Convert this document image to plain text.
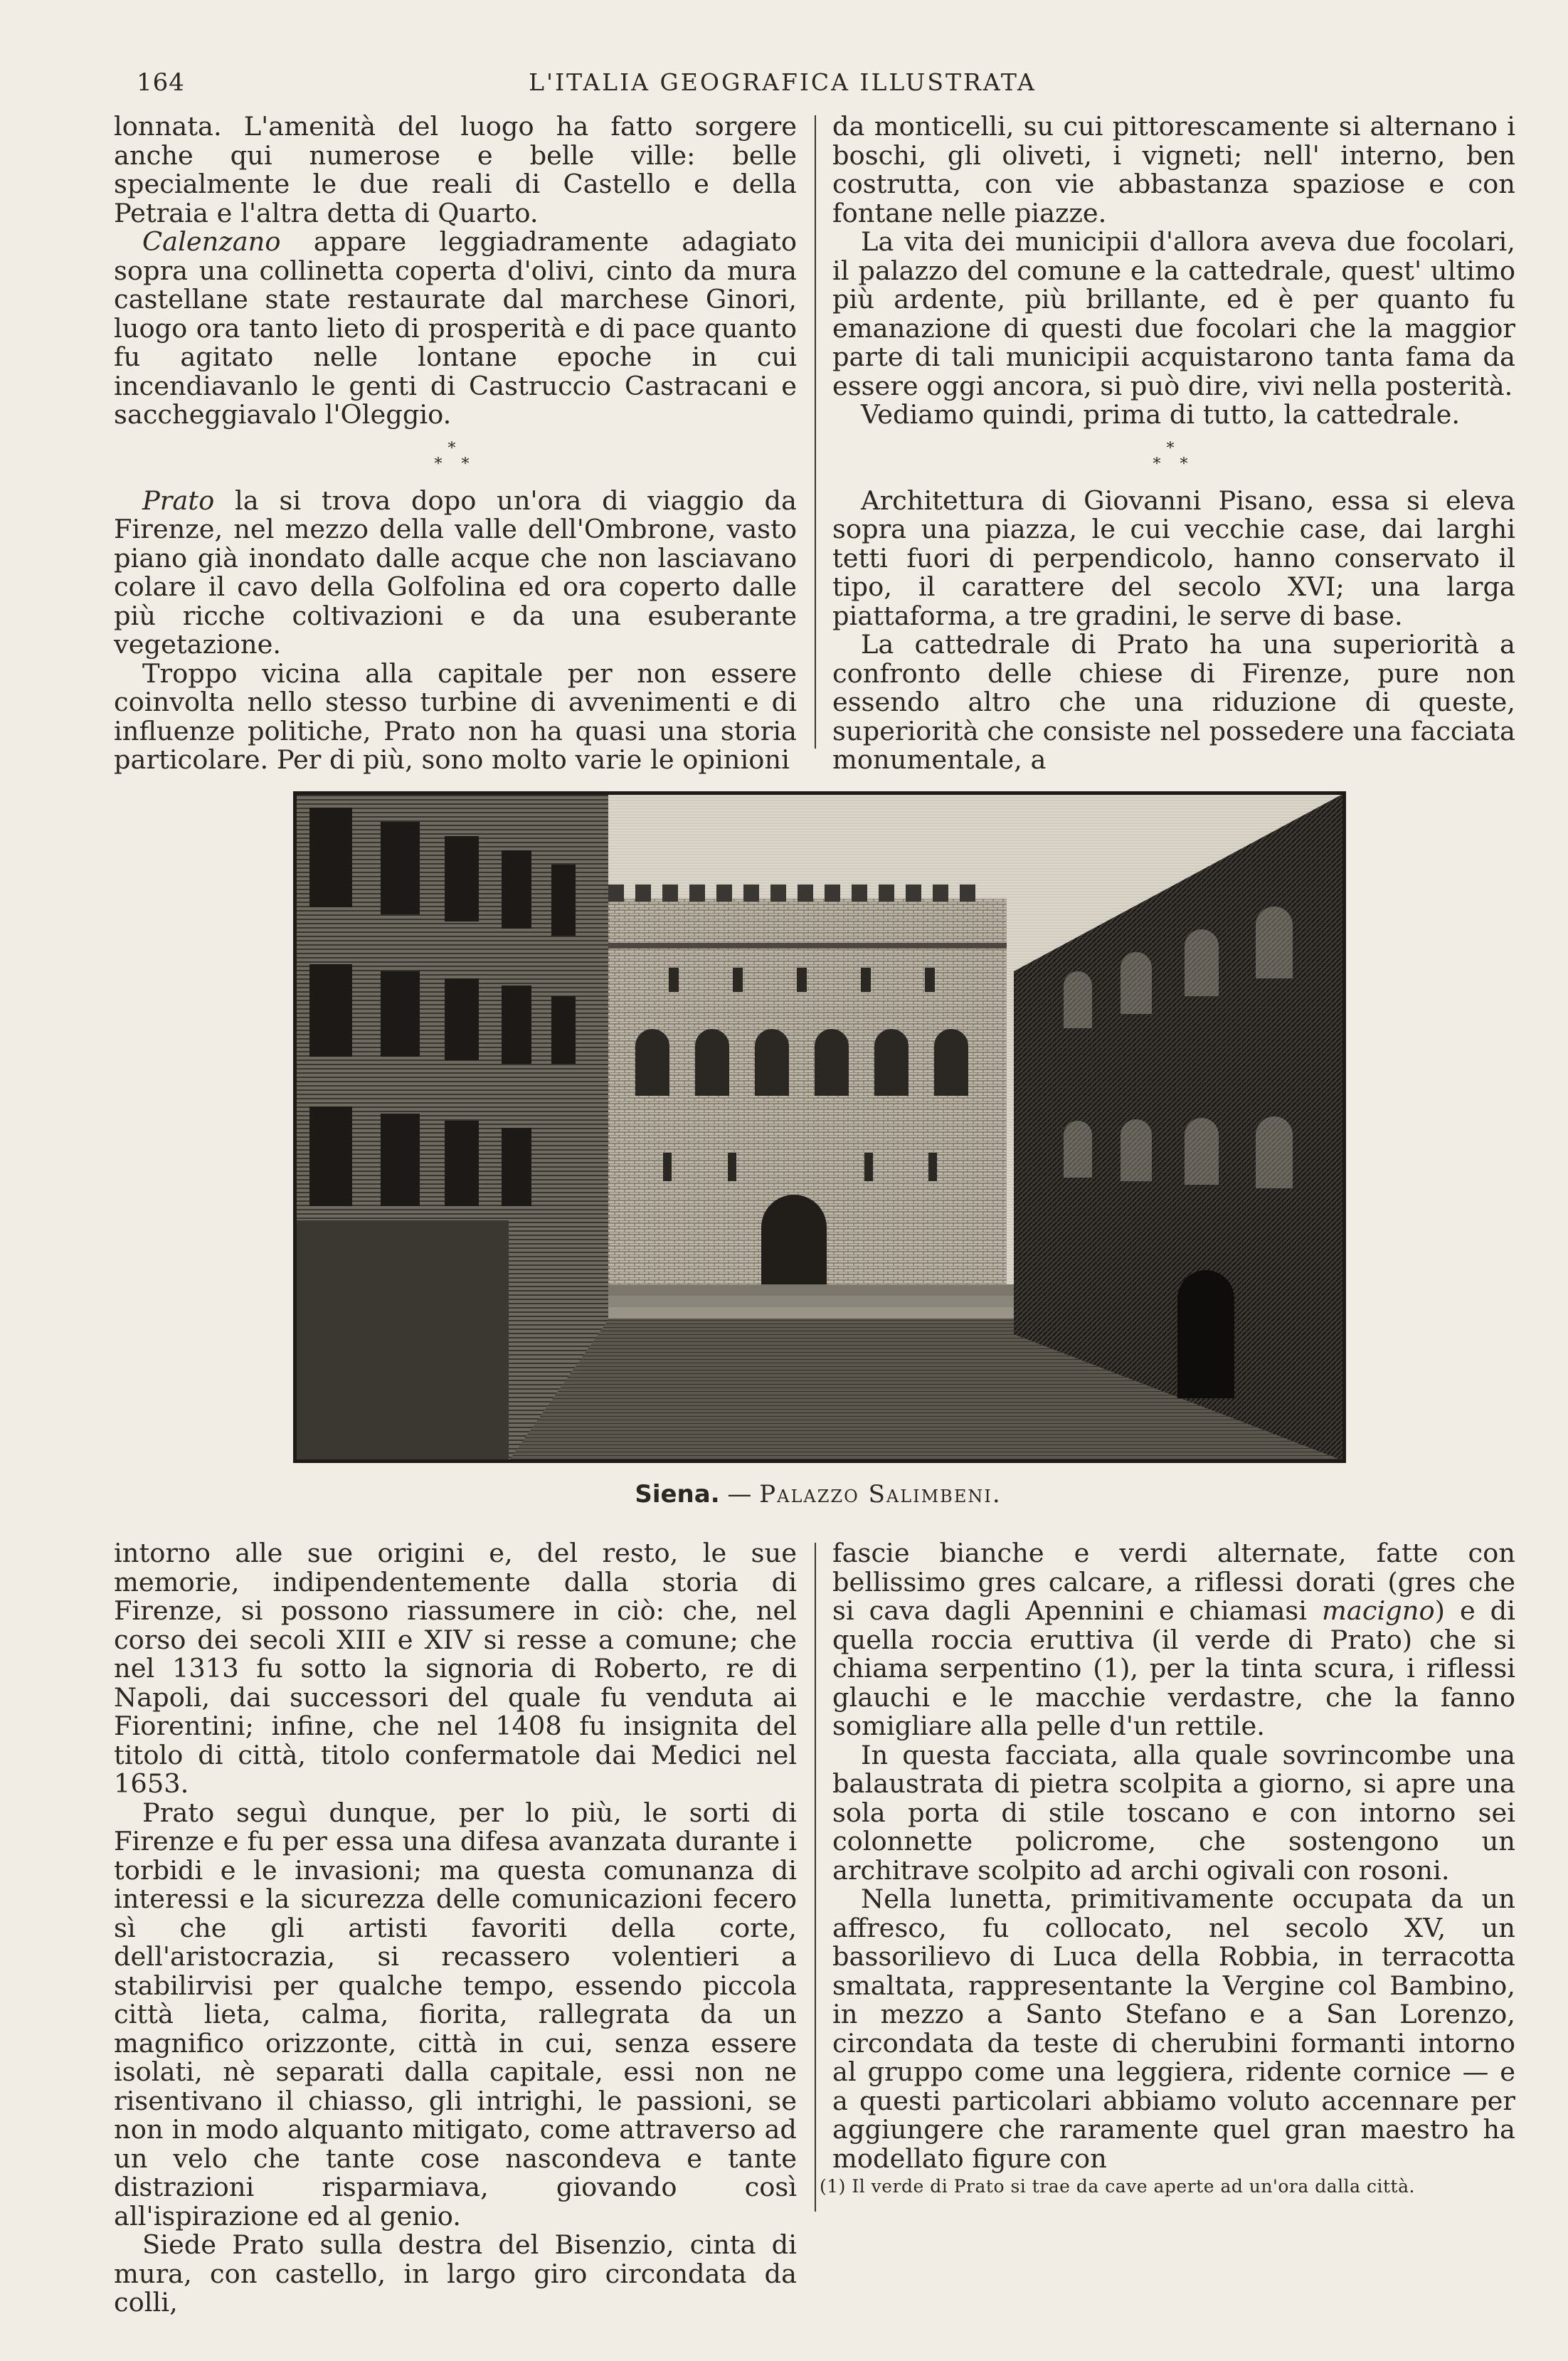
164	L'ITALIA GEOGRAFICA ILLUSTRATA

lonnata. L'amenità del luogo ha fatto sorgere anche qui numerose e belle ville: belle specialmente le due reali di Castello e della Petraia e l'altra detta di Quarto.

Calenzano appare leggiadramente adagiato sopra una collinetta coperta d'olivi, cinto da mura castellane state restaurate dal marchese Ginori, luogo ora tanto lieto di prosperità e di pace quanto fu agitato nelle lontane epoche in cui incendiavanlo le genti di Castruccio Castracani e saccheggiavalo l'Oleggio.

*
* *

Prato la si trova dopo un'ora di viaggio da Firenze, nel mezzo della valle dell'Ombrone, vasto piano già inondato dalle acque che non lasciavano colare il cavo della Golfolina ed ora coperto dalle più ricche coltivazioni e da una esuberante vegetazione.

Troppo vicina alla capitale per non essere coinvolta nello stesso turbine di avvenimenti e di influenze politiche, Prato non ha quasi una storia particolare. Per di più, sono molto varie le opinioni

da monticelli, su cui pittorescamente si alternano i boschi, gli oliveti, i vigneti; nell' interno, ben costrutta, con vie abbastanza spaziose e con fontane nelle piazze.

La vita dei municipii d'allora aveva due focolari, il palazzo del comune e la cattedrale, quest' ultimo più ardente, più brillante, ed è per quanto fu emanazione di questi due focolari che la maggior parte di tali municipii acquistarono tanta fama da essere oggi ancora, si può dire, vivi nella posterità.

Vediamo quindi, prima di tutto, la cattedrale.

*
* *

Architettura di Giovanni Pisano, essa si eleva sopra una piazza, le cui vecchie case, dai larghi tetti fuori di perpendicolo, hanno conservato il tipo, il carattere del secolo XVI; una larga piattaforma, a tre gradini, le serve di base.

La cattedrale di Prato ha una superiorità a confronto delle chiese di Firenze, pure non essendo altro che una riduzione di queste, superiorità che consiste nel possedere una facciata monumentale, a

Siena. — Palazzo Salimbeni.

intorno alle sue origini e, del resto, le sue memorie, indipendentemente dalla storia di Firenze, si possono riassumere in ciò: che, nel corso dei secoli XIII e XIV si resse a comune; che nel 1313 fu sotto la signoria di Roberto, re di Napoli, dai successori del quale fu venduta ai Fiorentini; infine, che nel 1408 fu insignita del titolo di città, titolo confermatole dai Medici nel 1653.

Prato seguì dunque, per lo più, le sorti di Firenze e fu per essa una difesa avanzata durante i torbidi e le invasioni; ma questa comunanza di interessi e la sicurezza delle comunicazioni fecero sì che gli artisti favoriti della corte, dell'aristocrazia, si recassero volentieri a stabilirvisi per qualche tempo, essendo piccola città lieta, calma, fiorita, rallegrata da un magnifico orizzonte, città in cui, senza essere isolati, nè separati dalla capitale, essi non ne risentivano il chiasso, gli intrighi, le passioni, se non in modo alquanto mitigato, come attraverso ad un velo che tante cose nascondeva e tante distrazioni risparmiava, giovando così all'ispirazione ed al genio.

Siede Prato sulla destra del Bisenzio, cinta di mura, con castello, in largo giro circondata da colli,

fascie bianche e verdi alternate, fatte con bellissimo gres calcare, a riflessi dorati (gres che si cava dagli Apennini e chiamasi macigno) e di quella roccia eruttiva (il verde di Prato) che si chiama serpentino (1), per la tinta scura, i riflessi glauchi e le macchie verdastre, che la fanno somigliare alla pelle d'un rettile.

In questa facciata, alla quale sovrincombe una balaustrata di pietra scolpita a giorno, si apre una sola porta di stile toscano e con intorno sei colonnette policrome, che sostengono un architrave scolpito ad archi ogivali con rosoni.

Nella lunetta, primitivamente occupata da un affresco, fu collocato, nel secolo XV, un bassorilievo di Luca della Robbia, in terracotta smaltata, rappresentante la Vergine col Bambino, in mezzo a Santo Stefano e a San Lorenzo, circondata da teste di cherubini formanti intorno al gruppo come una leggiera, ridente cornice — e a questi particolari abbiamo voluto accennare per aggiungere che raramente quel gran maestro ha modellato figure con

(1) Il verde di Prato si trae da cave aperte ad un'ora dalla città.
